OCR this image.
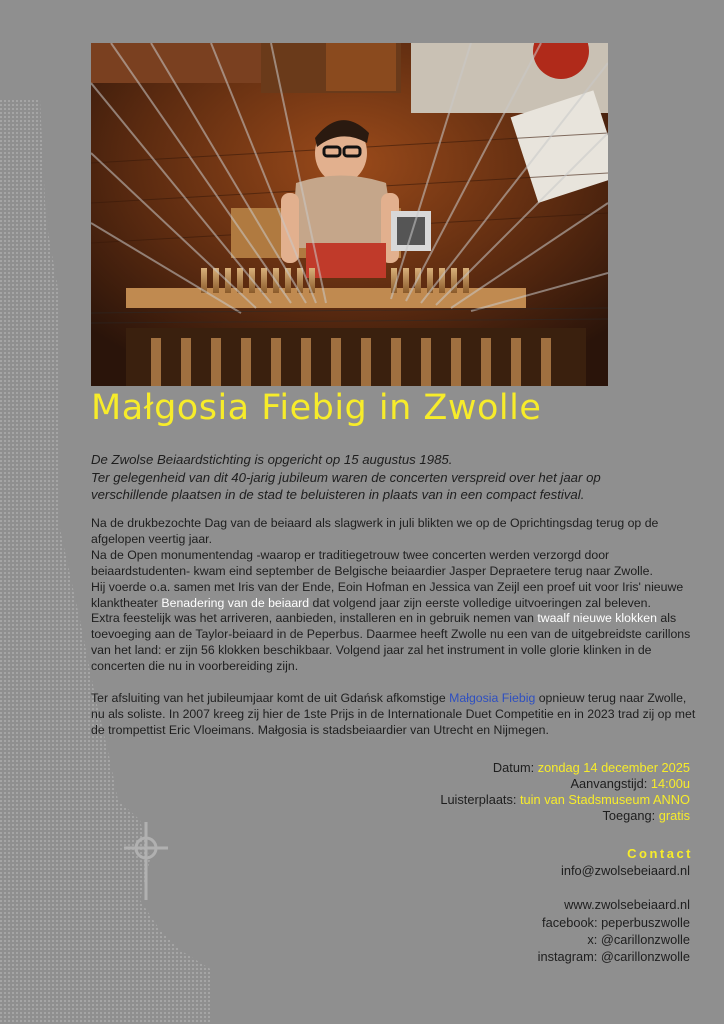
Małgosia Fiebig in Zwolle

De Zwolse Beiaardstichting is opgericht op 15 augustus 1985.

Ter gelegenheid van dit 40-jarig jubileum waren de concerten verspreid over het jaar op

verschillende plaatsen in de stad te beluisteren in plaats van in een compact festival.

Na de drukbezochte Dag van de beiaard als slagwerk in juli blikten we op de Oprichtingsdag terug op de afgelopen veertig jaar.

Na de Open monumentendag -waarop er traditiegetrouw twee concerten werden verzorgd door beiaardstudenten- kwam eind september de Belgische beiaardier Jasper Depraetere terug naar Zwolle.

Hij voerde o.a. samen met Iris van der Ende, Eoin Hofman en Jessica van Zeijl een proef uit voor Iris' nieuwe klanktheater Benadering van de beiaard dat volgend jaar zijn eerste volledige uitvoeringen zal beleven.

Extra feestelijk was het arriveren, aanbieden, installeren en in gebruik nemen van twaalf nieuwe klokken als toevoeging aan de Taylor-beiaard in de Peperbus. Daarmee heeft Zwolle nu een van de uitgebreidste carillons van het land: er zijn 56 klokken beschikbaar. Volgend jaar zal het instrument in volle glorie klinken in de concerten die nu in voorbereiding zijn.

Ter afsluiting van het jubileumjaar komt de uit Gdańsk afkomstige Małgosia Fiebig opnieuw terug naar Zwolle, nu als soliste. In 2007 kreeg zij hier de 1ste Prijs in de Internationale Duet Competitie en in 2023 trad zij op met de trompettist Eric Vloeimans. Małgosia is stadsbeiaardier van Utrecht en Nijmegen.

Datum: zondag 14 december 2025
Aanvangstijd: 14:00u
Luisterplaats: tuin van Stadsmuseum ANNO
Toegang: gratis
Contact
info@zwolsebeiaard.nl
www.zwolsebeiaard.nl
facebook: peperbuszwolle
x: @carillonzwolle
instagram: @carillonzwolle
